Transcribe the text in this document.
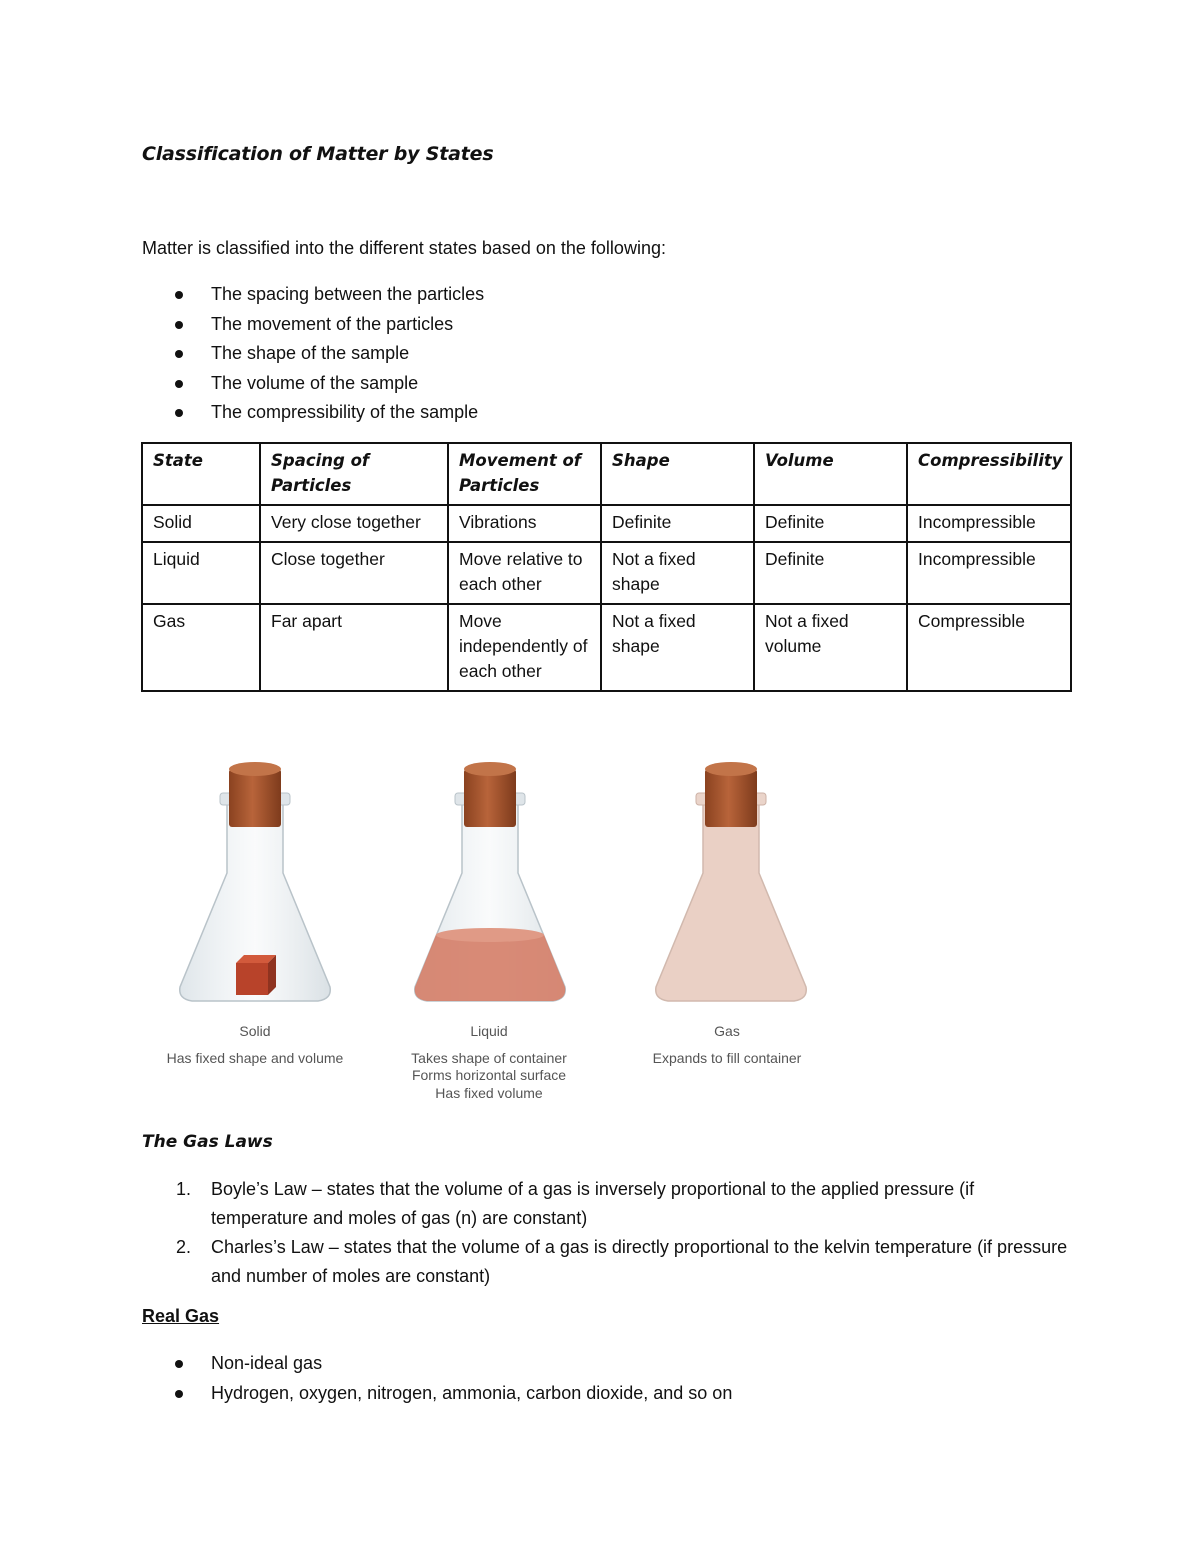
Classification of Matter by States

Matter is classified into the different states based on the following:

The spacing between the particles
The movement of the particles
The shape of the sample
The volume of the sample
The compressibility of the sample
State	Spacing of Particles	Movement of Particles	Shape	Volume	Compressibility
Solid	Very close together	Vibrations	Definite	Definite	Incompressible
Liquid	Close together	Move relative to each other	Not a fixed shape	Definite	Incompressible
Gas	Far apart	Move independently of each other	Not a fixed shape	Not a fixed volume	Compressible
Solid
Has fixed shape and volume
Liquid
Takes shape of container
Forms horizontal surface
Has fixed volume
Gas
Expands to fill container
The Gas Laws
1. Boyle’s Law – states that the volume of a gas is inversely proportional to the applied pressure (if temperature and moles of gas (n) are constant)
2. Charles’s Law – states that the volume of a gas is directly proportional to the kelvin temperature (if pressure and number of moles are constant)
Real Gas
Non-ideal gas
Hydrogen, oxygen, nitrogen, ammonia, carbon dioxide, and so on
